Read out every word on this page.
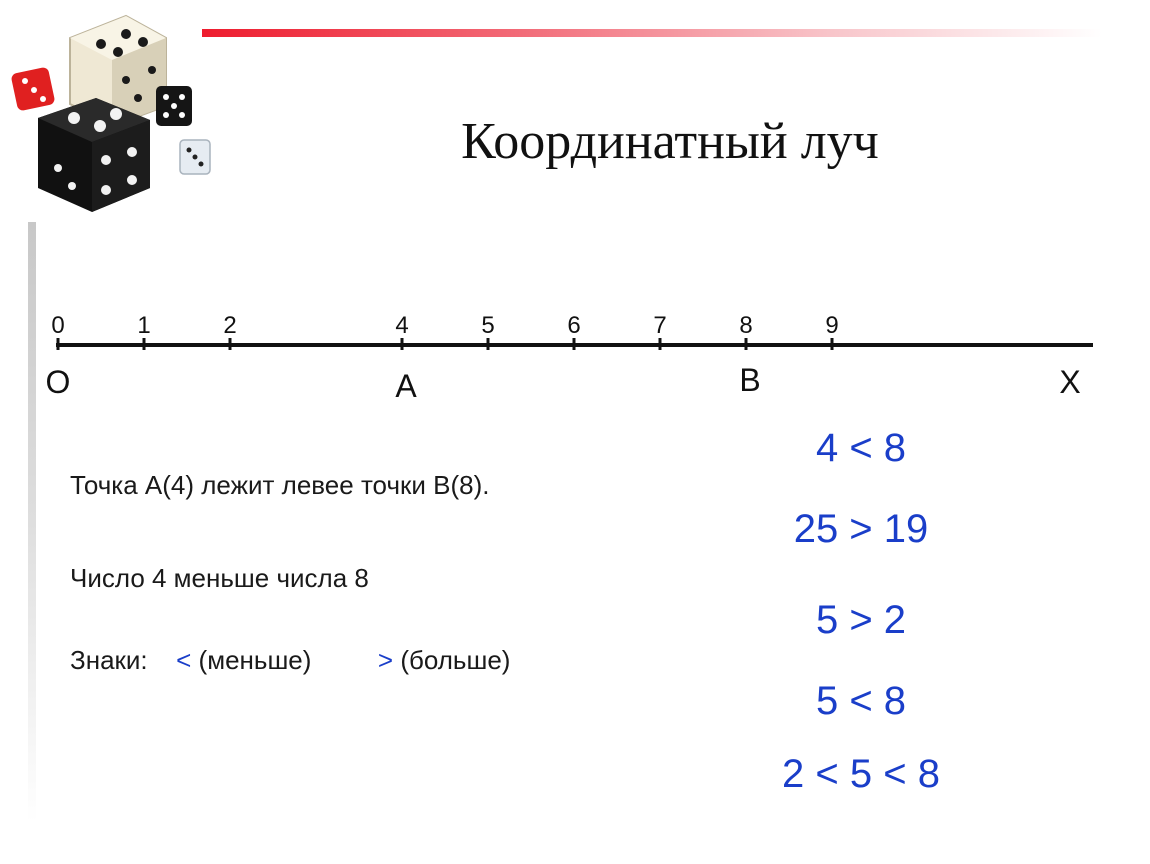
Координатный луч
0	1	2	4	5	6	7	8	9
O	X
A	B
Точка А(4) лежит левее точки В(8).
Число 4 меньше числа 8
Знаки: < (меньше)	> (больше)
4 < 8
25 > 19
5 > 2
5 < 8
2 < 5 < 8
